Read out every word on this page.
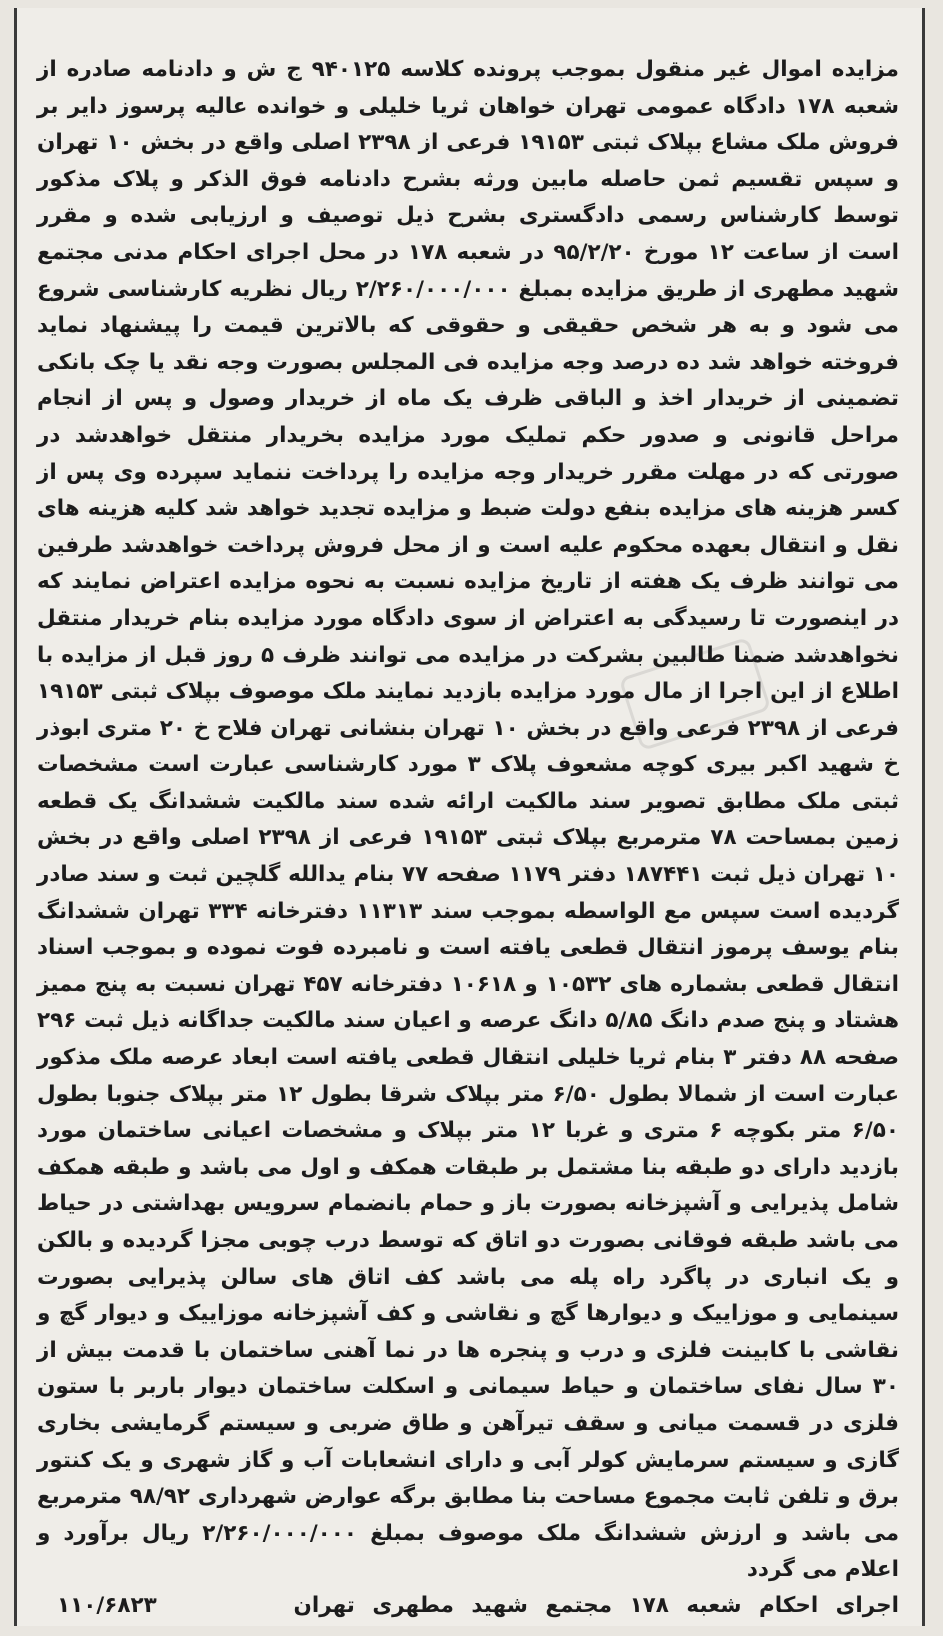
مزایده اموال غیر منقول بموجب پرونده کلاسه ۹۴۰۱۲۵ ج ش و دادنامه صادره از شعبه ۱۷۸ دادگاه عمومی تهران خواهان ثریا خلیلی و خوانده عالیه پرسوز دایر بر فروش ملک مشاع بپلاک ثبتی ۱۹۱۵۳ فرعی از ۲۳۹۸ اصلی واقع در بخش ۱۰ تهران و سپس تقسیم ثمن حاصله مابین ورثه بشرح دادنامه فوق الذکر و پلاک مذکور توسط کارشناس رسمی دادگستری بشرح ذیل توصیف و ارزیابی شده و مقرر است از ساعت ۱۲ مورخ ۹۵/۲/۲۰ در شعبه ۱۷۸ در محل اجرای احکام مدنی مجتمع شهید مطهری از طریق مزایده بمبلغ ۲/۲۶۰/۰۰۰/۰۰۰ ریال نظریه کارشناسی شروع می شود و به هر شخص حقیقی و حقوقی که بالاترین قیمت را پیشنهاد نماید فروخته خواهد شد ده درصد وجه مزایده فی المجلس بصورت وجه نقد یا چک بانکی تضمینی از خریدار اخذ و الباقی ظرف یک ماه از خریدار وصول و پس از انجام مراحل قانونی و صدور حکم تملیک مورد مزایده بخریدار منتقل خواهدشد در صورتی که در مهلت مقرر خریدار وجه مزایده را پرداخت ننماید سپرده وی پس از کسر هزینه های مزایده بنفع دولت ضبط و مزایده تجدید خواهد شد کلیه هزینه های نقل و انتقال بعهده محکوم علیه است و از محل فروش پرداخت خواهدشد طرفین می توانند ظرف یک هفته از تاریخ مزایده نسبت به نحوه مزایده اعتراض نمایند که در اینصورت تا رسیدگی به اعتراض از سوی دادگاه مورد مزایده بنام خریدار منتقل نخواهدشد ضمنا طالبین بشرکت در مزایده می توانند ظرف ۵ روز قبل از مزایده با اطلاع از این اجرا از مال مورد مزایده بازدید نمایند ملک موصوف بپلاک ثبتی ۱۹۱۵۳ فرعی از ۲۳۹۸ فرعی واقع در بخش ۱۰ تهران بنشانی تهران فلاح خ ۲۰ متری ابوذر خ شهید اکبر بیری کوچه مشعوف پلاک ۳ مورد کارشناسی عبارت است مشخصات ثبتی ملک مطابق تصویر سند مالکیت ارائه شده سند مالکیت ششدانگ یک قطعه زمین بمساحت ۷۸ مترمربع بپلاک ثبتی ۱۹۱۵۳ فرعی از ۲۳۹۸ اصلی واقع در بخش ۱۰ تهران ذیل ثبت ۱۸۷۴۴۱ دفتر ۱۱۷۹ صفحه ۷۷ بنام یدالله گلچین ثبت و سند صادر گردیده است سپس مع الواسطه بموجب سند ۱۱۳۱۳ دفترخانه ۳۳۴ تهران ششدانگ بنام یوسف پرموز انتقال قطعی یافته است و نامبرده فوت نموده و بموجب اسناد انتقال قطعی بشماره های ۱۰۵۳۲ و ۱۰۶۱۸ دفترخانه ۴۵۷ تهران نسبت به پنج ممیز هشتاد و پنج صدم دانگ ۵/۸۵ دانگ عرصه و اعیان سند مالکیت جداگانه ذیل ثبت ۲۹۶ صفحه ۸۸ دفتر ۳ بنام ثریا خلیلی انتقال قطعی یافته است ابعاد عرصه ملک مذکور عبارت است از شمالا بطول ۶/۵۰ متر بپلاک شرقا بطول ۱۲ متر بپلاک جنوبا بطول ۶/۵۰ متر بکوچه ۶ متری و غربا ۱۲ متر بپلاک و مشخصات اعیانی ساختمان مورد بازدید دارای دو طبقه بنا مشتمل بر طبقات همکف و اول می باشد و طبقه همکف شامل پذیرایی و آشپزخانه بصورت باز و حمام بانضمام سرویس بهداشتی در حیاط می باشد طبقه فوقانی بصورت دو اتاق که توسط درب چوبی مجزا گردیده و بالکن و یک انباری در پاگرد راه پله می باشد کف اتاق های سالن پذیرایی بصورت سینمایی و موزاییک و دیوارها گچ و نقاشی و کف آشپزخانه موزاییک و دیوار گچ و نقاشی با کابینت فلزی و درب و پنجره ها در نما آهنی ساختمان با قدمت بیش از ۳۰ سال نفای ساختمان و حیاط سیمانی و اسکلت ساختمان دیوار باربر با ستون فلزی در قسمت میانی و سقف تیرآهن و طاق ضربی و سیستم گرمایشی بخاری گازی و سیستم سرمایش کولر آبی و دارای انشعابات آب و گاز شهری و یک کنتور برق و تلفن ثابت مجموع مساحت بنا مطابق برگه عوارض شهرداری ۹۸/۹۲ مترمربع می باشد و ارزش ششدانگ ملک موصوف بمبلغ ۲/۲۶۰/۰۰۰/۰۰۰ ریال برآورد و اعلام می گردد
اجرای احکام شعبه ۱۷۸ مجتمع شهید مطهری تهران
۱۱۰/۶۸۲۳
